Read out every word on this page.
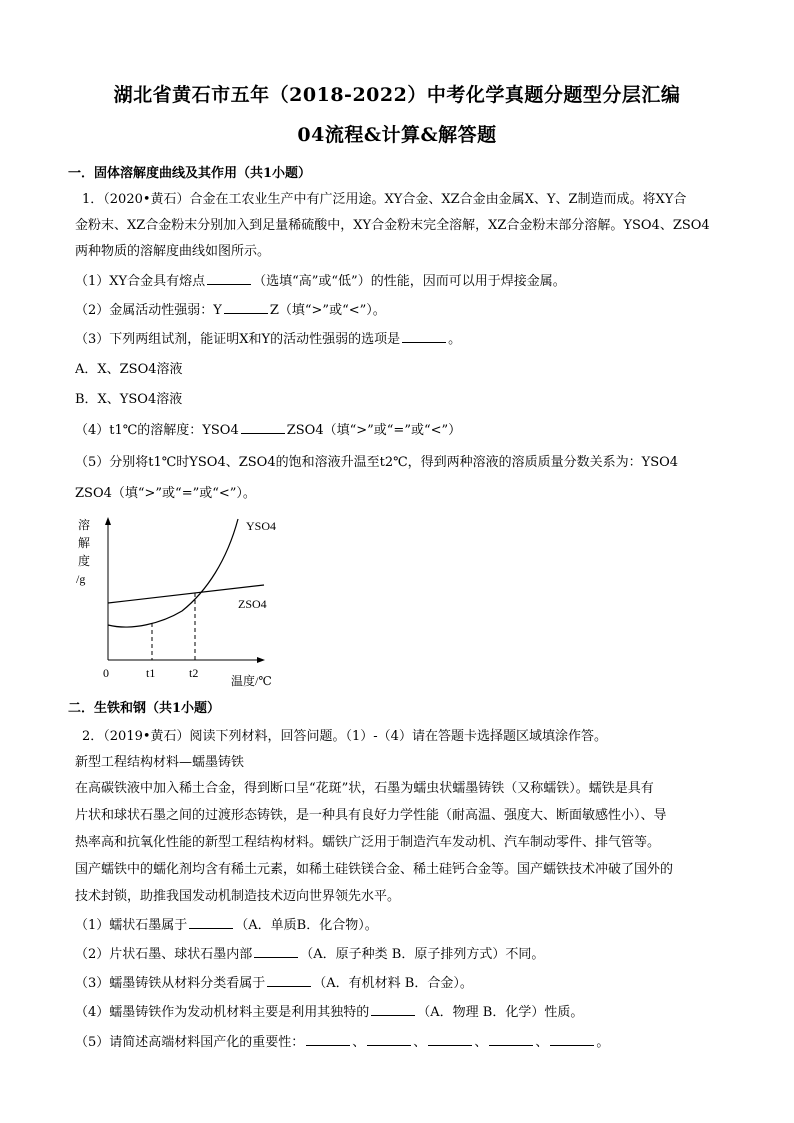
湖北省黄石市五年（2018-2022）中考化学真题分题型分层汇编
04流程&计算&解答题
一．固体溶解度曲线及其作用（共1小题）
1．（2020•黄石）合金在工农业生产中有广泛用途。XY合金、XZ合金由金属X、Y、Z制造而成。将XY合
金粉末、XZ合金粉末分别加入到足量稀硫酸中，XY合金粉末完全溶解，XZ合金粉末部分溶解。YSO4、ZSO4
两种物质的溶解度曲线如图所示。
（1）XY合金具有熔点	（选填“高”或“低”）的性能，因而可以用于焊接金属。
（2）金属活动性强弱：Y	Z（填“>”或“<”）。
（3）下列两组试剂，能证明X和Y的活动性强弱的选项是	。
A．X、ZSO4溶液
B．X、YSO4溶液
（4）t1℃的溶解度：YSO4	ZSO4（填“>”或“=”或“<”）
（5）分别将t1℃时YSO4、ZSO4的饱和溶液升温至t2℃，得到两种溶液的溶质质量分数关系为：YSO4
ZSO4（填“>”或“=”或“<”）。
溶
解
度
/g
YSO4
ZSO4
0	t1	t2
温度/℃
二．生铁和钢（共1小题）
2．（2019•黄石）阅读下列材料，回答问题。（1）-（4）请在答题卡选择题区域填涂作答。
新型工程结构材料—蠕墨铸铁
在高碳铁液中加入稀土合金，得到断口呈“花斑”状，石墨为蠕虫状蠕墨铸铁（又称蠕铁）。蠕铁是具有
片状和球状石墨之间的过渡形态铸铁，是一种具有良好力学性能（耐高温、强度大、断面敏感性小）、导
热率高和抗氧化性能的新型工程结构材料。蠕铁广泛用于制造汽车发动机、汽车制动零件、排气管等。
国产蠕铁中的蠕化剂均含有稀土元素，如稀土硅铁镁合金、稀土硅钙合金等。国产蠕铁技术冲破了国外的
技术封锁，助推我国发动机制造技术迈向世界领先水平。
（1）蠕状石墨属于	（A．单质B．化合物）。
（2）片状石墨、球状石墨内部	（A．原子种类 B．原子排列方式）不同。
（3）蠕墨铸铁从材料分类看属于	（A．有机材料 B．合金）。
（4）蠕墨铸铁作为发动机材料主要是利用其独特的	（A．物理 B．化学）性质。
（5）请简述高端材料国产化的重要性：	、	、	、	、	。
